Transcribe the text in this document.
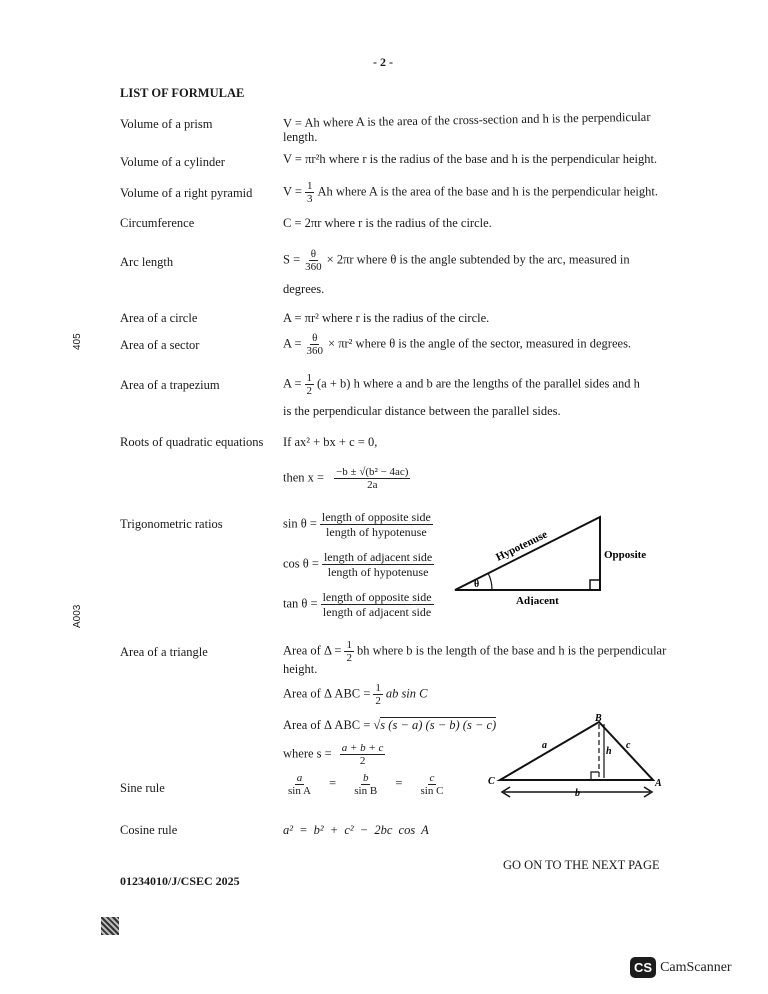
- 2 -
LIST OF FORMULAE
405
A003
Volume of a prism	V = Ah where A is the area of the cross-section and h is the perpendicular
length.
Volume of a cylinder	V = πr²h where r is the radius of the base and h is the perpendicular height.
Volume of a right pyramid $V = \frac{1}{3}$ Ah where A is the area of the base and h is the perpendicular height.
Circumference	C = 2πr where r is the radius of the circle.
Arc length	$S = \frac{\theta}{360} \times 2\pi r$ where θ is the angle subtended by the arc, measured in
degrees.
Area of a circle	A = πr² where r is the radius of the circle.
Area of a sector	$A = \frac{\theta}{360} \times \pi r^2$ where θ is the angle of the sector, measured in degrees.
Area of a trapezium	$A = \frac{1}{2} (a + b)$ h where a and b are the lengths of the parallel sides and h
is the perpendicular distance between the parallel sides.
Roots of quadratic equations If ax² + bx + c = 0,
then $x = \frac{\text{−b ± √(b² − 4ac)}}{2a}$
Trigonometric ratios	sin θ = length of opposite side
length of hypotenuse
cos θ = length of adjacent side
length of hypotenuse
tan θ = length of opposite side
length of adjacent side
θ
Hypotenuse	Opposite
Adjacent
Area of a triangle	Area of $\Delta = \frac{1}{2}$ bh where b is the length of the base and h is the perpendicular
height.
Area of Δ ABC = $\frac{1}{2}$ ab sin C
Area of Δ ABC = √s (s − a) (s − b) (s − c)
where $s = \frac{a + b + c}{2}$
B
C	A
a	c
b
h
Sine rule	$\frac{a}{\text{sin A}} = \frac{b}{\text{sin B}} = \frac{c}{\text{sin C}}$
Cosine rule	a² = b² + c² − 2bc cos A
GO ON TO THE NEXT PAGE
01234010/J/CSEC 2025
CS CamScanner
